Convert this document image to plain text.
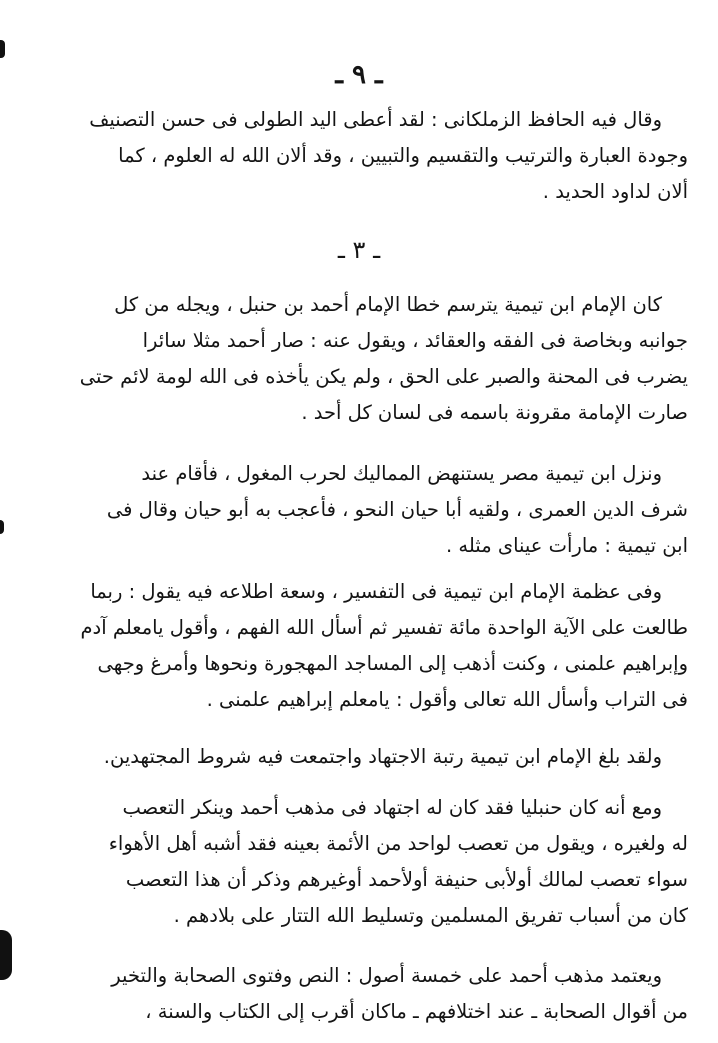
ـ ٩ ـ
وقال فيه الحافظ الزملكانى : لقد أعطى اليد الطولى فى حسن التصنيف
وجودة العبارة والترتيب والتقسيم والتبيين ، وقد ألان الله له العلوم ، كما
ألان لداود الحديد .
ـ ٣ ـ
كان الإمام ابن تيمية يترسم خطا الإمام أحمد بن حنبل ، ويجله من كل
جوانبه وبخاصة فى الفقه والعقائد ، ويقول عنه : صار أحمد مثلا سائرا
يضرب فى المحنة والصبر على الحق ، ولم يكن يأخذه فى الله لومة لائم حتى
صارت الإمامة مقرونة باسمه فى لسان كل أحد .
ونزل ابن تيمية مصر يستنهض المماليك لحرب المغول ، فأقام عند
شرف الدين العمرى ، ولقيه أبا حيان النحو ، فأعجب به أبو حيان وقال فى
ابن تيمية : مارأت عيناى مثله .
وفى عظمة الإمام ابن تيمية فى التفسير ، وسعة اطلاعه فيه يقول : ربما
طالعت على الآية الواحدة مائة تفسير ثم أسأل الله الفهم ، وأقول يامعلم آدم
وإبراهيم علمنى ، وكنت أذهب إلى المساجد المهجورة ونحوها وأمرغ وجهى
فى التراب وأسأل الله تعالى وأقول : يامعلم إبراهيم علمنى .
ولقد بلغ الإمام ابن تيمية رتبة الاجتهاد واجتمعت فيه شروط المجتهدين.
ومع أنه كان حنبليا فقد كان له اجتهاد فى مذهب أحمد وينكر التعصب
له ولغيره ، ويقول من تعصب لواحد من الأئمة بعينه فقد أشبه أهل الأهواء
سواء تعصب لمالك أولأبى حنيفة أولأحمد أوغيرهم وذكر أن هذا التعصب
كان من أسباب تفريق المسلمين وتسليط الله التتار على بلادهم .
ويعتمد مذهب أحمد على خمسة أصول : النص وفتوى الصحابة والتخير
من أقوال الصحابة ـ عند اختلافهم ـ ماكان أقرب إلى الكتاب والسنة ،
